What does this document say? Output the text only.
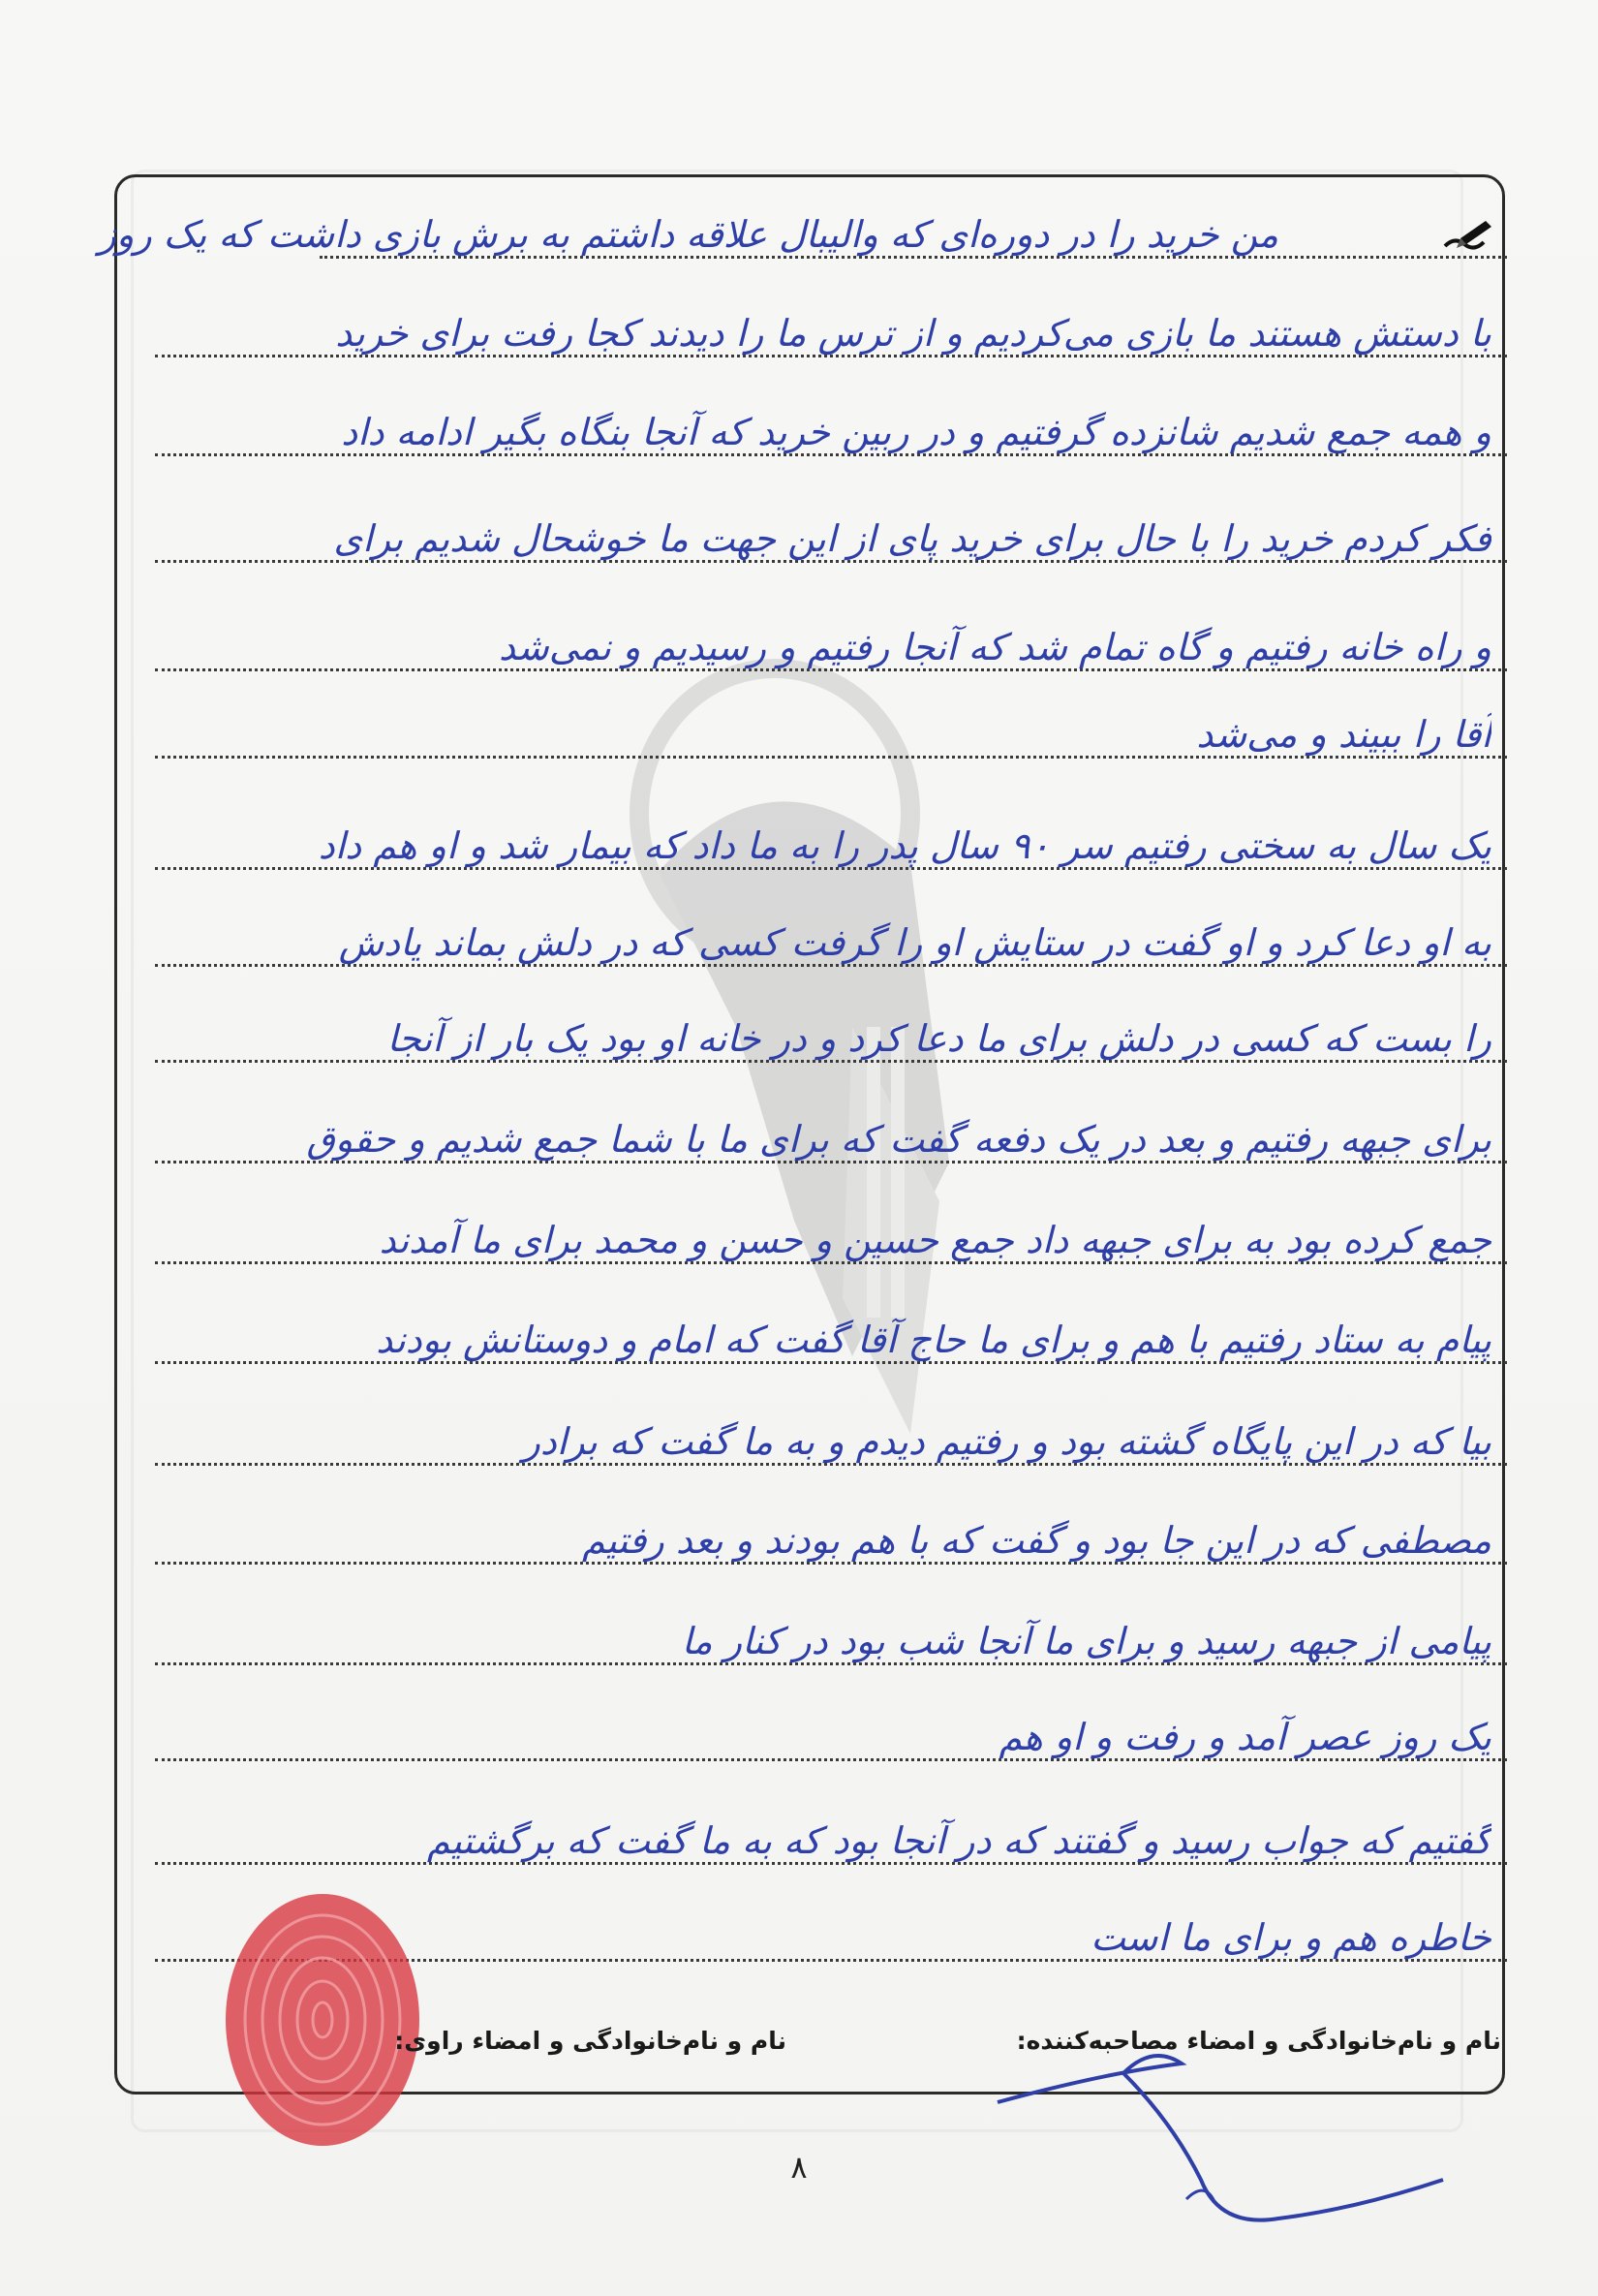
من خرید را در دوره‌ای که والیبال علاقه داشتم به برش بازی داشت که یک روز
با دستش هستند ما بازی می‌کردیم و از ترس ما را دیدند کجا رفت برای خرید
و همه جمع شدیم شانزده گرفتیم و در ربین خرید که آنجا بنگاه بگیر ادامه داد
فکر کردم خرید را با حال برای خرید پای از این جهت ما خوشحال شدیم برای
و راه خانه رفتیم و گاه تمام شد که آنجا رفتیم و رسیدیم و نمی‌شد
آقا را ببیند و می‌شد
یک سال به سختی رفتیم سر ۹۰ سال پدر را به ما داد که بیمار شد و او هم داد
به او دعا کرد و او گفت در ستایش او را گرفت کسی که در دلش بماند یادش
را بست که کسی در دلش برای ما دعا کرد و در خانه او بود یک بار از آنجا
برای جبهه رفتیم و بعد در یک دفعه گفت که برای ما با شما جمع شدیم و حقوق
جمع کرده بود به برای جبهه داد جمع حسین و حسن و محمد برای ما آمدند
پیام به ستاد رفتیم با هم و برای ما حاج آقا گفت که امام و دوستانش بودند
بیا که در این پایگاه گشته بود و رفتیم دیدم و به ما گفت که برادر
مصطفی که در این جا بود و گفت که با هم بودند و بعد رفتیم
پیامی از جبهه رسید و برای ما آنجا شب بود در کنار ما
یک روز عصر آمد و رفت و او هم
گفتیم که جواب رسید و گفتند که در آنجا بود که به ما گفت که برگشتیم
خاطره هم و برای ما است
نام و نام‌خانوادگی و امضاء مصاحبه‌کننده:
نام و نام‌خانوادگی و امضاء راوی:
۸
